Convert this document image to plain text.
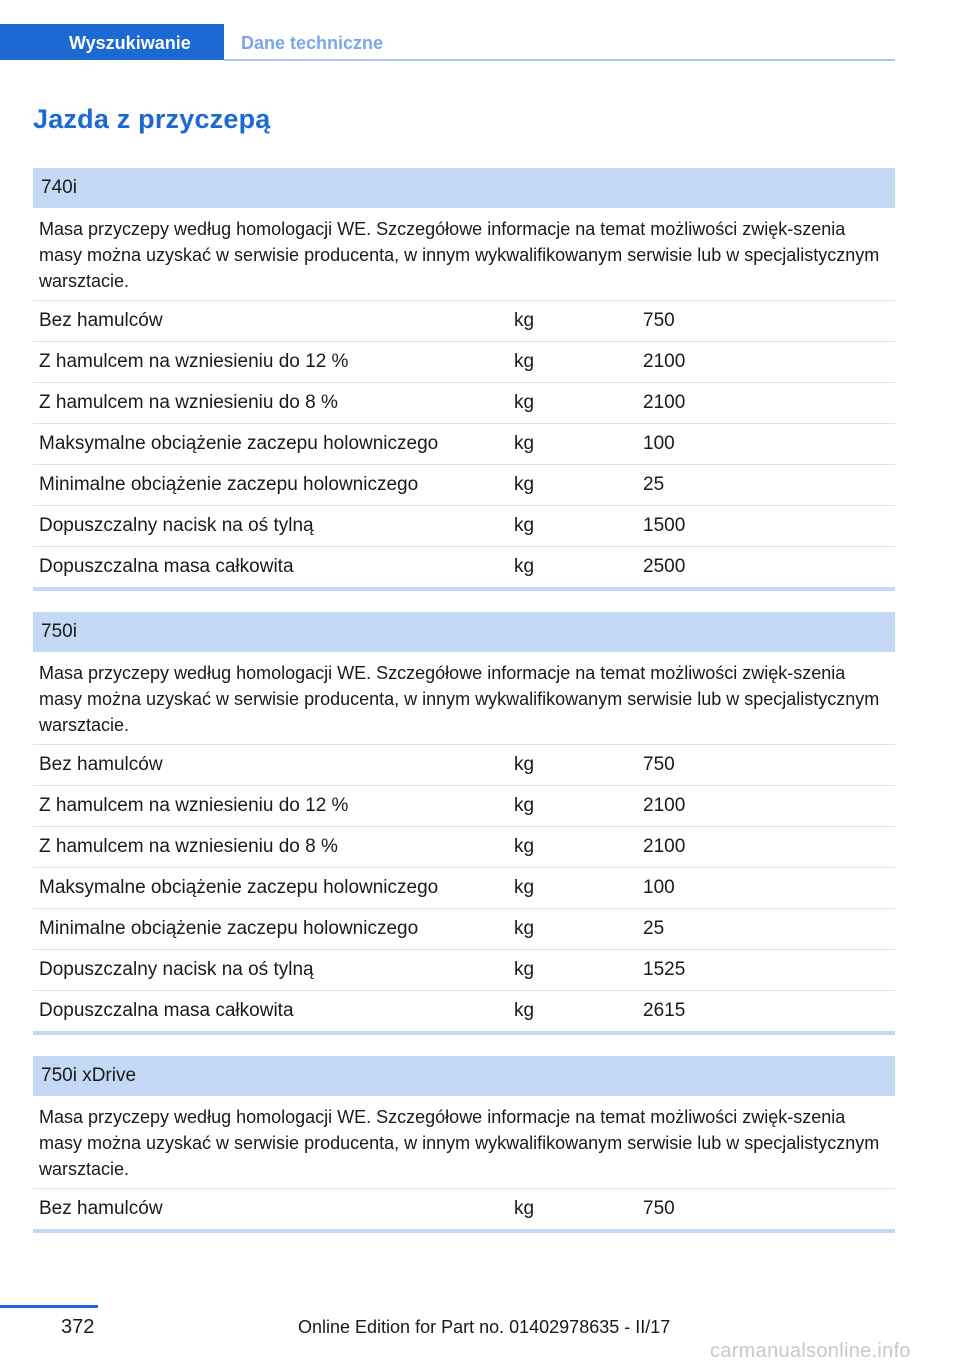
Wyszukiwanie	Dane techniczne
Jazda z przyczepą
740i
Masa przyczepy według homologacji WE. Szczegółowe informacje na temat możliwości zwięk-szenia masy można uzyskać w serwisie producenta, w innym wykwalifikowanym serwisie lub w specjalistycznym warsztacie.
Bez hamulców	kg	750
Z hamulcem na wzniesieniu do 12 %	kg	2100
Z hamulcem na wzniesieniu do 8 %	kg	2100
Maksymalne obciążenie zaczepu holowniczego	kg	100
Minimalne obciążenie zaczepu holowniczego	kg	25
Dopuszczalny nacisk na oś tylną	kg	1500
Dopuszczalna masa całkowita	kg	2500
750i
Masa przyczepy według homologacji WE. Szczegółowe informacje na temat możliwości zwięk-szenia masy można uzyskać w serwisie producenta, w innym wykwalifikowanym serwisie lub w specjalistycznym warsztacie.
Bez hamulców	kg	750
Z hamulcem na wzniesieniu do 12 %	kg	2100
Z hamulcem na wzniesieniu do 8 %	kg	2100
Maksymalne obciążenie zaczepu holowniczego	kg	100
Minimalne obciążenie zaczepu holowniczego	kg	25
Dopuszczalny nacisk na oś tylną	kg	1525
Dopuszczalna masa całkowita	kg	2615
750i xDrive
Masa przyczepy według homologacji WE. Szczegółowe informacje na temat możliwości zwięk-szenia masy można uzyskać w serwisie producenta, w innym wykwalifikowanym serwisie lub w specjalistycznym warsztacie.
Bez hamulców	kg	750
372	Online Edition for Part no. 01402978635 - II/17
carmanualsonline.info
